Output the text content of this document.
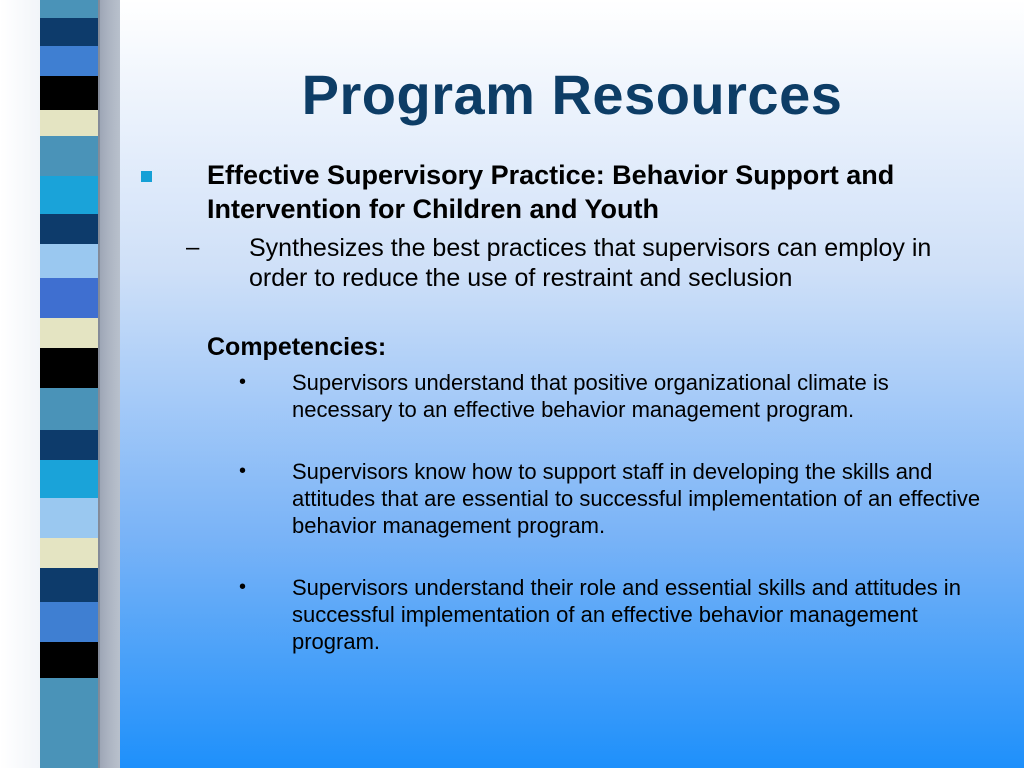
Program Resources
Effective Supervisory Practice: Behavior Support and Intervention for Children and Youth
– Synthesizes the best practices that supervisors can employ in order to reduce the use of restraint and seclusion
Competencies:
• Supervisors understand that positive organizational climate is necessary to an effective behavior management program.
• Supervisors know how to support staff in developing the skills and attitudes that are essential to successful implementation of an effective behavior management program.
• Supervisors understand their role and essential skills and attitudes in successful implementation of an effective behavior management program.
